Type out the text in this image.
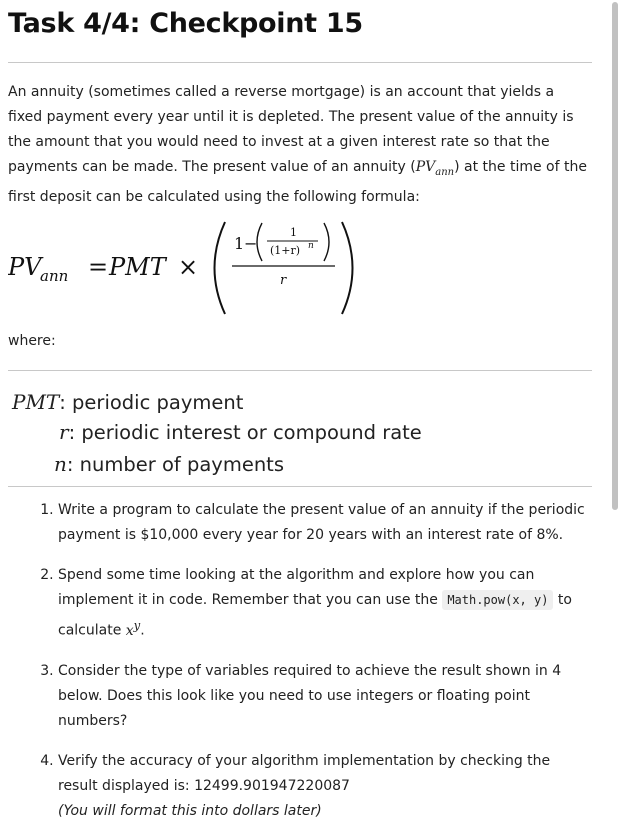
Task 4/4: Checkpoint 15

An annuity (sometimes called a reverse mortgage) is an account that yields a fixed payment every year until it is depleted. The present value of the annuity is the amount that you would need to invest at a given interest rate so that the payments can be made. The present value of an annuity $(PV_{ann})$ at the time of the first deposit can be calculated using the following formula:

PV
ann = PMT ×
1 −
1
(1+r) n
r

where:

PMT: periodic payment
r: periodic interest or compound rate
n: number of payments
1. Write a program to calculate the present value of an annuity if the periodic payment is $10,000 every year for 20 years with an interest rate of 8%.
2. Spend some time looking at the algorithm and explore how you can implement it in code. Remember that you can use the Math.pow(x, y) to calculate $x^y$.
3. Consider the type of variables required to achieve the result shown in 4 below. Does this look like you need to use integers or floating point numbers?
4. Verify the accuracy of your algorithm implementation by checking the result displayed is: 12499.901947220087
(You will format this into dollars later)
